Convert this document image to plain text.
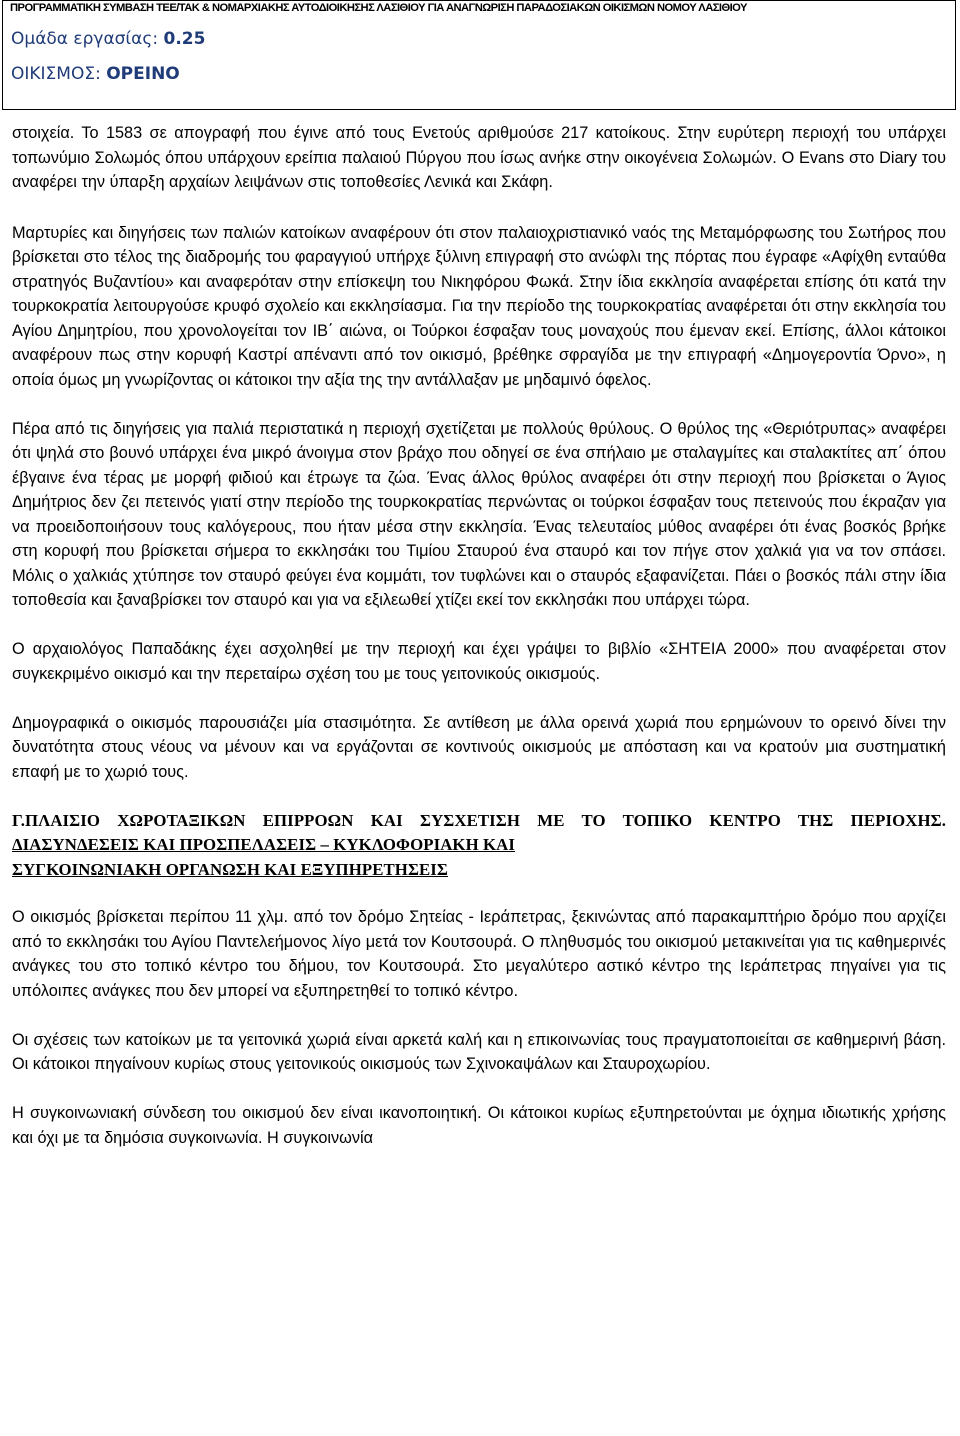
ΠΡΟΓΡΑΜΜΑΤΙΚΗ ΣΥΜΒΑΣΗ ΤΕΕ/ΤΑΚ & ΝΟΜΑΡΧΙΑΚΗΣ ΑΥΤΟΔΙΟΙΚΗΣΗΣ ΛΑΣΙΘΙΟΥ ΓΙΑ ΑΝΑΓΝΩΡΙΣΗ ΠΑΡΑΔΟΣΙΑΚΩΝ ΟΙΚΙΣΜΩΝ ΝΟΜΟΥ ΛΑΣΙΘΙΟΥ
Ομάδα εργασίας: 0.25
ΟΙΚΙΣΜΟΣ: ΟΡΕΙΝΟ

στοιχεία. Το 1583 σε απογραφή που έγινε από τους Ενετούς αριθμούσε 217 κατοίκους. Στην ευρύτερη περιοχή του υπάρχει τοπωνύμιο Σολωμός όπου υπάρχουν ερείπια παλαιού Πύργου που ίσως ανήκε στην οικογένεια Σολωμών. Ο Evans στο Diary του αναφέρει την ύπαρξη αρχαίων λειψάνων στις τοποθεσίες Λενικά και Σκάφη.

Μαρτυρίες και διηγήσεις των παλιών κατοίκων αναφέρουν ότι στον παλαιοχριστιανικό ναός της Μεταμόρφωσης του Σωτήρος που βρίσκεται στο τέλος της διαδρομής του φαραγγιού υπήρχε ξύλινη επιγραφή στο ανώφλι της πόρτας που έγραφε «Αφίχθη ενταύθα στρατηγός Βυζαντίου» και αναφερόταν στην επίσκεψη του Νικηφόρου Φωκά. Στην ίδια εκκλησία αναφέρεται επίσης ότι κατά την τουρκοκρατία λειτουργούσε κρυφό σχολείο και εκκλησίασμα. Για την περίοδο της τουρκοκρατίας αναφέρεται ότι στην εκκλησία του Αγίου Δημητρίου, που χρονολογείται τον ΙΒ΄ αιώνα, οι Τούρκοι έσφαξαν τους μοναχούς που έμεναν εκεί. Επίσης, άλλοι κάτοικοι αναφέρουν πως στην κορυφή Καστρί απέναντι από τον οικισμό, βρέθηκε σφραγίδα με την επιγραφή «Δημογεροντία Όρνο», η οποία όμως μη γνωρίζοντας οι κάτοικοι την αξία της την αντάλλαξαν με μηδαμινό όφελος.

Πέρα από τις διηγήσεις για παλιά περιστατικά η περιοχή σχετίζεται με πολλούς θρύλους. Ο θρύλος της «Θεριότρυπας» αναφέρει ότι ψηλά στο βουνό υπάρχει ένα μικρό άνοιγμα στον βράχο που οδηγεί σε ένα σπήλαιο με σταλαγμίτες και σταλακτίτες απ΄ όπου έβγαινε ένα τέρας με μορφή φιδιού και έτρωγε τα ζώα. Ένας άλλος θρύλος αναφέρει ότι στην περιοχή που βρίσκεται ο Άγιος Δημήτριος δεν ζει πετεινός γιατί στην περίοδο της τουρκοκρατίας περνώντας οι τούρκοι έσφαξαν τους πετεινούς που έκραζαν για να προειδοποιήσουν τους καλόγερους, που ήταν μέσα στην εκκλησία. Ένας τελευταίος μύθος αναφέρει ότι ένας βοσκός βρήκε στη κορυφή που βρίσκεται σήμερα το εκκλησάκι του Τιμίου Σταυρού ένα σταυρό και τον πήγε στον χαλκιά για να τον σπάσει. Μόλις ο χαλκιάς χτύπησε τον σταυρό φεύγει ένα κομμάτι, τον τυφλώνει και ο σταυρός εξαφανίζεται. Πάει ο βοσκός πάλι στην ίδια τοποθεσία και ξαναβρίσκει τον σταυρό και για να εξιλεωθεί χτίζει εκεί τον εκκλησάκι που υπάρχει τώρα.

Ο αρχαιολόγος Παπαδάκης έχει ασχοληθεί με την περιοχή και έχει γράψει το βιβλίο «ΣΗΤΕΙΑ 2000» που αναφέρεται στον συγκεκριμένο οικισμό και την περεταίρω σχέση του με τους γειτονικούς οικισμούς.

Δημογραφικά ο οικισμός παρουσιάζει μία στασιμότητα. Σε αντίθεση με άλλα ορεινά χωριά που ερημώνουν το ορεινό δίνει την δυνατότητα στους νέους να μένουν και να εργάζονται σε κοντινούς οικισμούς με απόσταση και να κρατούν μια συστηματική επαφή με το χωριό τους.

Γ.ΠΛΑΙΣΙΟ ΧΩΡΟΤΑΞΙΚΩΝ ΕΠΙΡΡΟΩΝ ΚΑΙ ΣΥΣΧΕΤΙΣΗ ΜΕ ΤΟ ΤΟΠΙΚΟ ΚΕΝΤΡΟ ΤΗΣ ΠΕΡΙΟΧΗΣ. ΔΙΑΣΥΝΔΕΣΕΙΣ ΚΑΙ ΠΡΟΣΠΕΛΑΣΕΙΣ – ΚΥΚΛΟΦΟΡΙΑΚΗ ΚΑΙ
ΣΥΓΚΟΙΝΩΝΙΑΚΗ ΟΡΓΑΝΩΣΗ ΚΑΙ ΕΞΥΠΗΡΕΤΗΣΕΙΣ

Ο οικισμός βρίσκεται περίπου 11 χλμ. από τον δρόμο Σητείας - Ιεράπετρας, ξεκινώντας από παρακαμπτήριο δρόμο που αρχίζει από το εκκλησάκι του Αγίου Παντελεήμονος λίγο μετά τον Κουτσουρά. Ο πληθυσμός του οικισμού μετακινείται για τις καθημερινές ανάγκες του στο τοπικό κέντρο του δήμου, τον Κουτσουρά. Στο μεγαλύτερο αστικό κέντρο της Ιεράπετρας πηγαίνει για τις υπόλοιπες ανάγκες που δεν μπορεί να εξυπηρετηθεί το τοπικό κέντρο.

Οι σχέσεις των κατοίκων με τα γειτονικά χωριά είναι αρκετά καλή και η επικοινωνίας τους πραγματοποιείται σε καθημερινή βάση. Οι κάτοικοι πηγαίνουν κυρίως στους γειτονικούς οικισμούς των Σχινοκαψάλων και Σταυροχωρίου.

Η συγκοινωνιακή σύνδεση του οικισμού δεν είναι ικανοποιητική. Οι κάτοικοι κυρίως εξυπηρετούνται με όχημα ιδιωτικής χρήσης και όχι με τα δημόσια συγκοινωνία. Η συγκοινωνία
